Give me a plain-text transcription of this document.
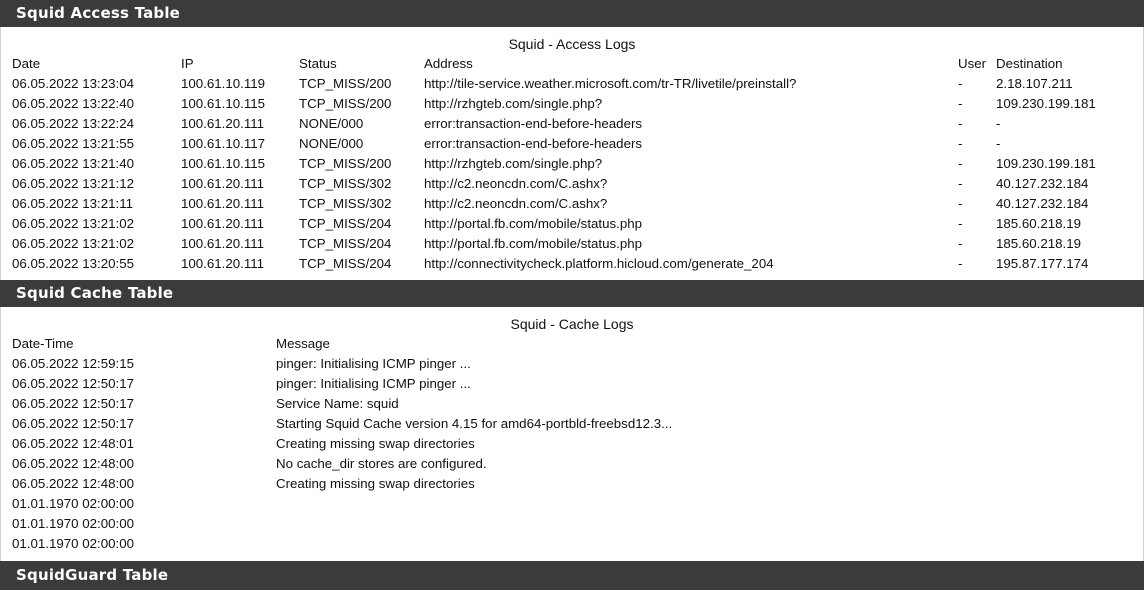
Squid Access Table
Squid - Access Logs
Date	IP	Status	Address	User	Destination
06.05.2022 13:23:04	100.61.10.119	TCP_MISS/200	http://tile-service.weather.microsoft.com/tr-TR/livetile/preinstall?	-	2.18.107.211
06.05.2022 13:22:40	100.61.10.115	TCP_MISS/200	http://rzhgteb.com/single.php?	-	109.230.199.181
06.05.2022 13:22:24	100.61.20.111	NONE/000	error:transaction-end-before-headers	-	-
06.05.2022 13:21:55	100.61.10.117	NONE/000	error:transaction-end-before-headers	-	-
06.05.2022 13:21:40	100.61.10.115	TCP_MISS/200	http://rzhgteb.com/single.php?	-	109.230.199.181
06.05.2022 13:21:12	100.61.20.111	TCP_MISS/302	http://c2.neoncdn.com/C.ashx?	-	40.127.232.184
06.05.2022 13:21:11	100.61.20.111	TCP_MISS/302	http://c2.neoncdn.com/C.ashx?	-	40.127.232.184
06.05.2022 13:21:02	100.61.20.111	TCP_MISS/204	http://portal.fb.com/mobile/status.php	-	185.60.218.19
06.05.2022 13:21:02	100.61.20.111	TCP_MISS/204	http://portal.fb.com/mobile/status.php	-	185.60.218.19
06.05.2022 13:20:55	100.61.20.111	TCP_MISS/204	http://connectivitycheck.platform.hicloud.com/generate_204	-	195.87.177.174
Squid Cache Table
Squid - Cache Logs
Date-Time	Message
06.05.2022 12:59:15	pinger: Initialising ICMP pinger ...
06.05.2022 12:50:17	pinger: Initialising ICMP pinger ...
06.05.2022 12:50:17	Service Name: squid
06.05.2022 12:50:17	Starting Squid Cache version 4.15 for amd64-portbld-freebsd12.3...
06.05.2022 12:48:01	Creating missing swap directories
06.05.2022 12:48:00	No cache_dir stores are configured.
06.05.2022 12:48:00	Creating missing swap directories
01.01.1970 02:00:00	
01.01.1970 02:00:00	
01.01.1970 02:00:00	
SquidGuard Table
